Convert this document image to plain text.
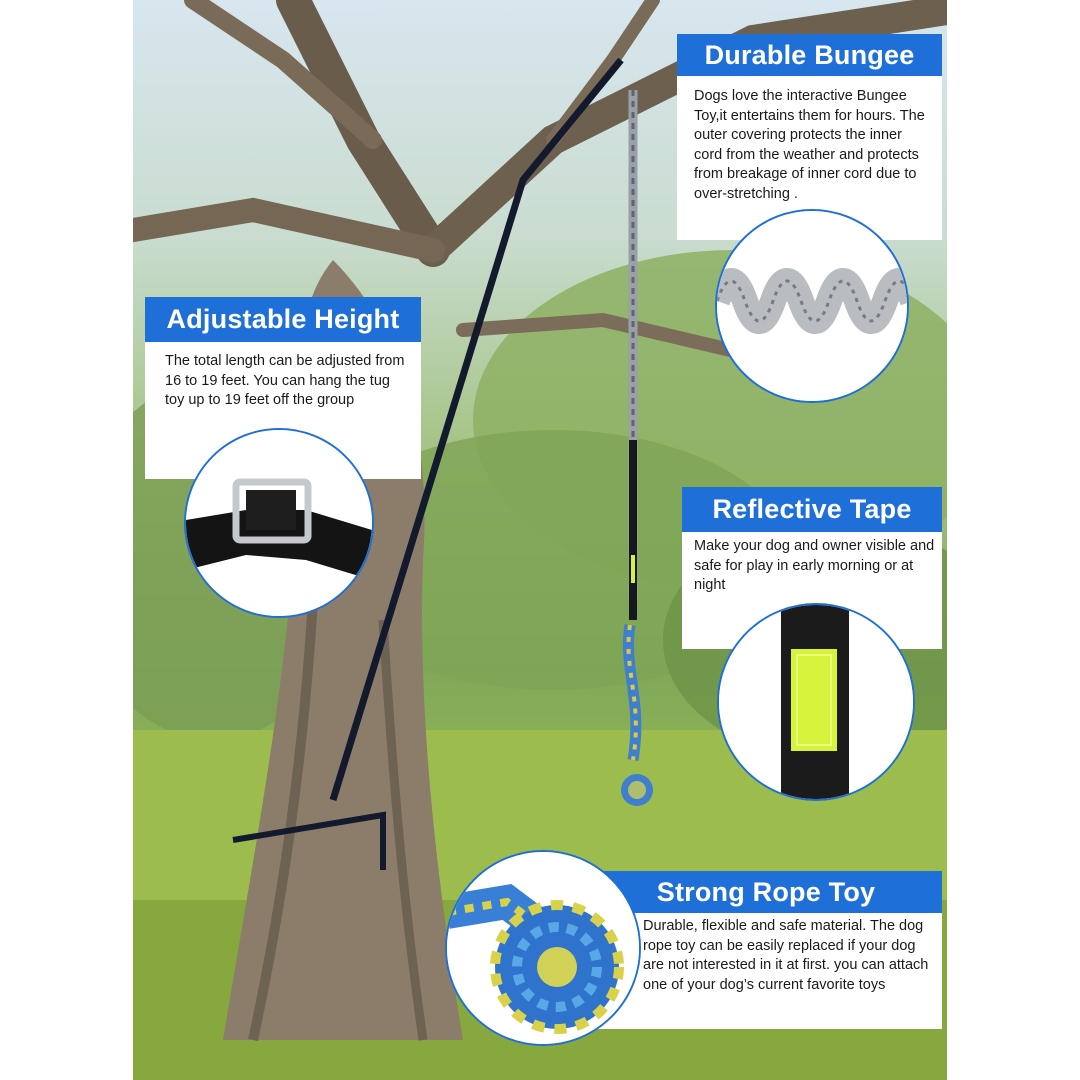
Durable Bungee
Dogs love the interactive Bungee Toy,it entertains them for hours. The outer covering protects the inner cord from the weather and protects from breakage of inner cord due to over-stretching .
Adjustable Height
The total length can be adjusted from 16 to 19 feet. You can hang the tug toy up to 19 feet off the group
Reflective Tape
Make your dog and owner visible and safe for play in early morning or at night
Strong Rope Toy
Durable, flexible and safe material. The dog rope toy can be easily replaced if your dog are not interested in it at first. you can attach one of your dog’s current favorite toys
